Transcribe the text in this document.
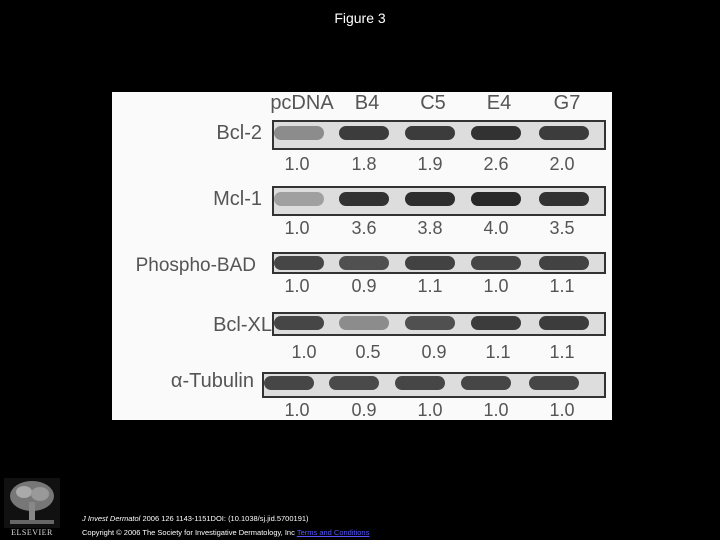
Figure 3
pcDNA	B4	C5	E4	G7
Bcl-2
1.0	1.8	1.9	2.6	2.0
Mcl-1
1.0	3.6	3.8	4.0	3.5
Phospho-BAD
1.0	0.9	1.1	1.0	1.1
Bcl-XL
1.0	0.5	0.9	1.1	1.1
α-Tubulin
1.0	0.9	1.0	1.0	1.0
ELSEVIER
J Invest Dermatol 2006 126 1143-1151DOI: (10.1038/sj.jid.5700191)
Copyright © 2006 The Society for Investigative Dermatology, Inc Terms and Conditions
